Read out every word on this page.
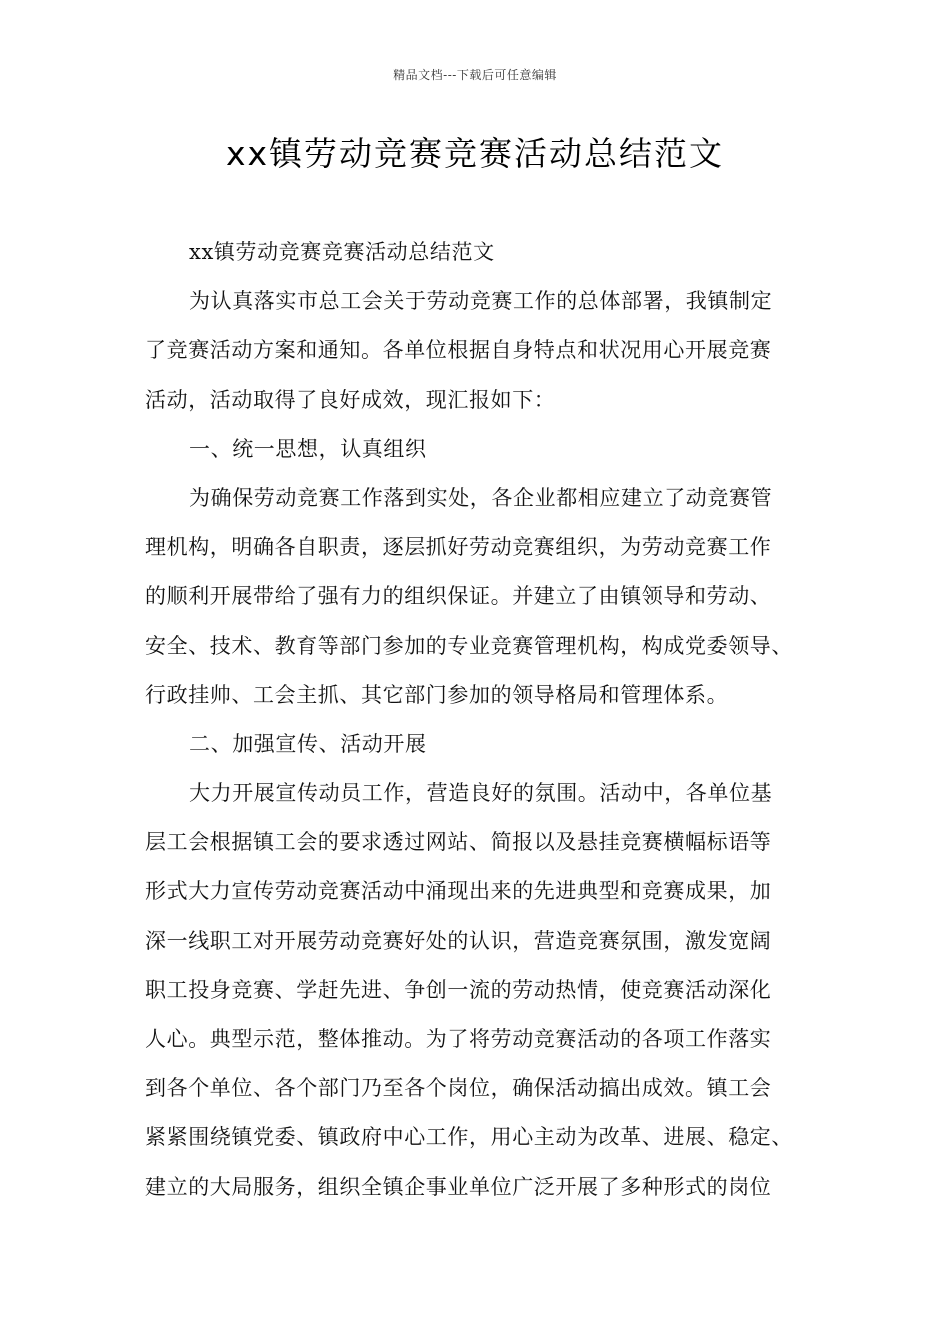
精品文档---下载后可任意编辑
xx镇劳动竞赛竞赛活动总结范文
xx镇劳动竞赛竞赛活动总结范文
为认真落实市总工会关于劳动竞赛工作的总体部署，我镇制定
了竞赛活动方案和通知。各单位根据自身特点和状况用心开展竞赛
活动，活动取得了良好成效，现汇报如下：
一、统一思想，认真组织
为确保劳动竞赛工作落到实处，各企业都相应建立了动竞赛管
理机构，明确各自职责，逐层抓好劳动竞赛组织，为劳动竞赛工作
的顺利开展带给了强有力的组织保证。并建立了由镇领导和劳动、
安全、技术、教育等部门参加的专业竞赛管理机构，构成党委领导、
行政挂帅、工会主抓、其它部门参加的领导格局和管理体系。
二、加强宣传、活动开展
大力开展宣传动员工作，营造良好的氛围。活动中，各单位基
层工会根据镇工会的要求透过网站、简报以及悬挂竞赛横幅标语等
形式大力宣传劳动竞赛活动中涌现出来的先进典型和竞赛成果，加
深一线职工对开展劳动竞赛好处的认识，营造竞赛氛围，激发宽阔
职工投身竞赛、学赶先进、争创一流的劳动热情，使竞赛活动深化
人心。典型示范，整体推动。为了将劳动竞赛活动的各项工作落实
到各个单位、各个部门乃至各个岗位，确保活动搞出成效。镇工会
紧紧围绕镇党委、镇政府中心工作，用心主动为改革、进展、稳定、
建立的大局服务，组织全镇企事业单位广泛开展了多种形式的岗位
